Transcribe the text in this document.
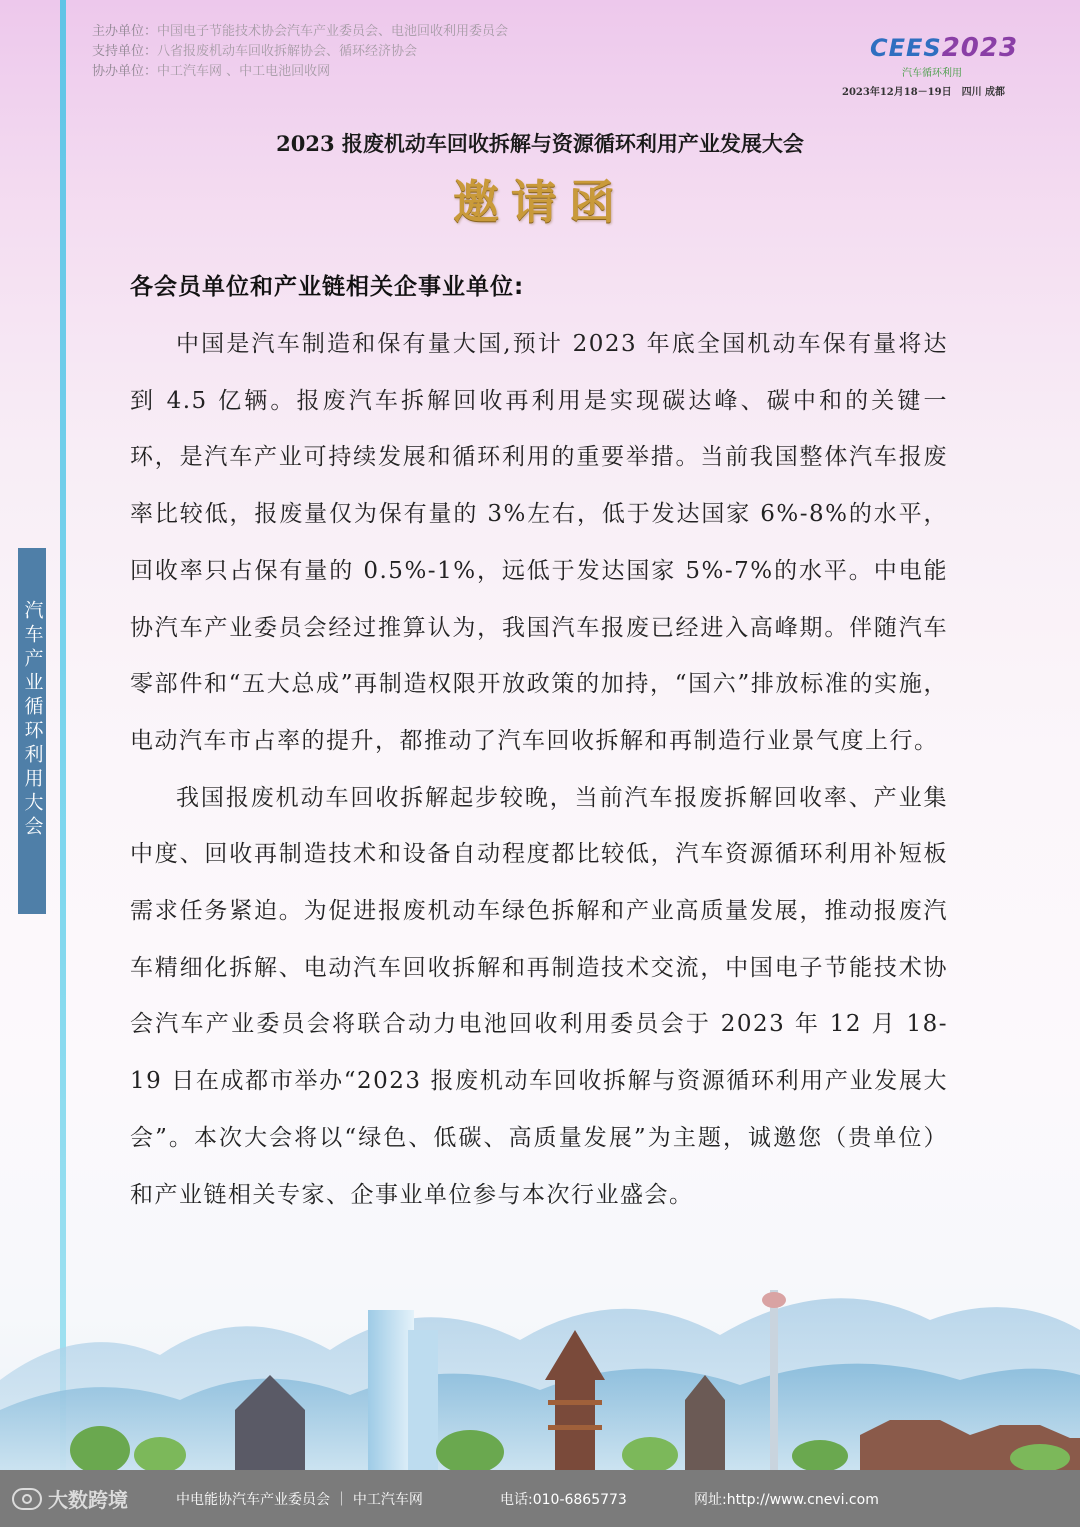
汽车产业循环利用大会
主办单位：中国电子节能技术协会汽车产业委员会、电池回收利用委员会
支持单位：八省报废机动车回收拆解协会、循环经济协会
协办单位：中工汽车网 、中工电池回收网
CEES2023
汽车循环利用
2023年12月18－19日　四川 成都
2023 报废机动车回收拆解与资源循环利用产业发展大会
邀请函
各会员单位和产业链相关企事业单位:

中国是汽车制造和保有量大国,预计 2023 年底全国机动车保有量将达到 4.5 亿辆。报废汽车拆解回收再利用是实现碳达峰、碳中和的关键一环，是汽车产业可持续发展和循环利用的重要举措。当前我国整体汽车报废率比较低，报废量仅为保有量的 3%左右，低于发达国家 6%-8%的水平，回收率只占保有量的 0.5%-1%，远低于发达国家 5%-7%的水平。中电能协汽车产业委员会经过推算认为，我国汽车报废已经进入高峰期。伴随汽车零部件和“五大总成”再制造权限开放政策的加持，“国六”排放标准的实施，电动汽车市占率的提升，都推动了汽车回收拆解和再制造行业景气度上行。

我国报废机动车回收拆解起步较晚，当前汽车报废拆解回收率、产业集中度、回收再制造技术和设备自动程度都比较低，汽车资源循环利用补短板需求任务紧迫。为促进报废机动车绿色拆解和产业高质量发展，推动报废汽车精细化拆解、电动汽车回收拆解和再制造技术交流，中国电子节能技术协会汽车产业委员会将联合动力电池回收利用委员会于 2023 年 12 月 18-19 日在成都市举办“2023 报废机动车回收拆解与资源循环利用产业发展大会”。本次大会将以“绿色、低碳、高质量发展”为主题，诚邀您（贵单位）和产业链相关专家、企事业单位参与本次行业盛会。

大数跨境	中电能协汽车产业委员会 ｜ 中工汽车网	电话:010-6865773	网址:http://www.cnevi.com
